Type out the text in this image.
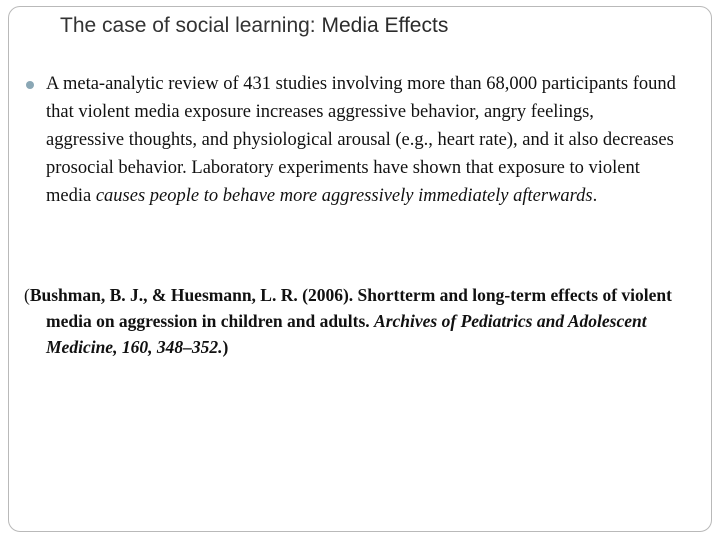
The case of social learning: Media Effects
A meta-analytic review of 431 studies involving more than 68,000 participants found that violent media exposure increases aggressive behavior, angry feelings, aggressive thoughts, and physiological arousal (e.g., heart rate), and it also decreases prosocial behavior. Laboratory experiments have shown that exposure to violent media causes people to behave more aggressively immediately afterwards.
(Bushman, B. J., & Huesmann, L. R. (2006). Shortterm and long-term effects of violent media on aggression in children and adults. Archives of Pediatrics and Adolescent Medicine, 160, 348–352.)
